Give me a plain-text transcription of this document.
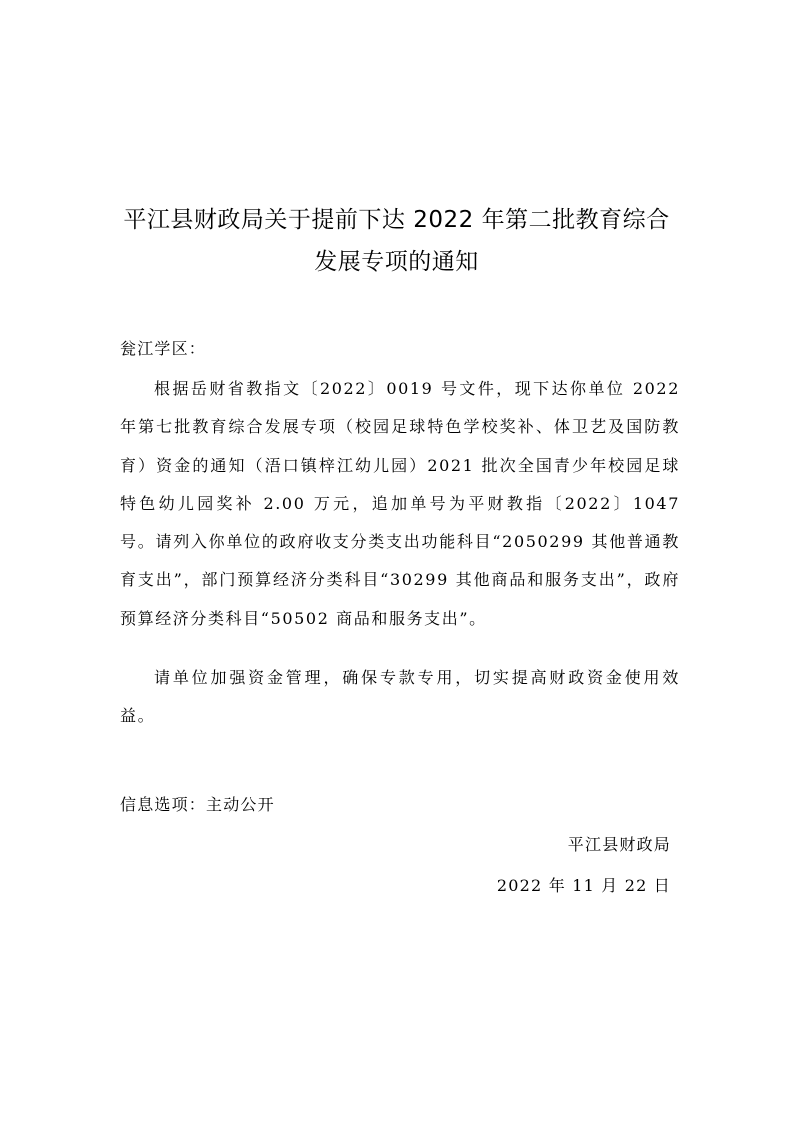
平江县财政局关于提前下达 2022 年第二批教育综合
发展专项的通知
瓮江学区：

根据岳财省教指文〔2022〕0019 号文件，现下达你单位 2022 年第七批教育综合发展专项（校园足球特色学校奖补、体卫艺及国防教育）资金的通知（浯口镇梓江幼儿园）2021 批次全国青少年校园足球特色幼儿园奖补 2.00 万元，追加单号为平财教指〔2022〕1047 号。请列入你单位的政府收支分类支出功能科目“2050299 其他普通教育支出”，部门预算经济分类科目“30299 其他商品和服务支出”，政府预算经济分类科目“50502 商品和服务支出”。

请单位加强资金管理，确保专款专用，切实提高财政资金使用效益。

信息选项：主动公开
平江县财政局
2022 年 11 月 22 日
